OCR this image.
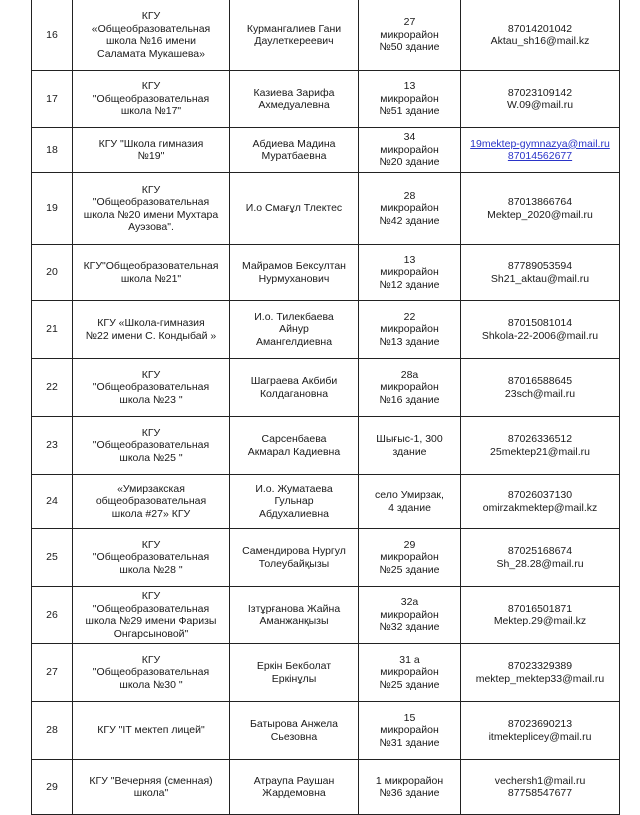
16	КГУ
«Общеобразовательная
школа №16 имени
Саламата Мукашева»	Курмангалиев Гани
Даулеткереевич	27
микрорайон
№50 здание	87014201042
Aktau_sh16@mail.kz

17	КГУ
"Общеобразовательная
школа №17"	Казиева Зарифа
Ахмедуалевна	13
микрорайон
№51 здание	87023109142
W.09@mail.ru

18	КГУ "Школа гимназия
№19"	Абдиева Мадина
Муратбаевна	34
микрорайон
№20 здание	19mektep-gymnazya@mail.ru
87014562677

19	КГУ
"Общеобразовательная
школа №20 имени Мухтара
Ауэзова".	И.о Смағұл Тлектес	28
микрорайон
№42 здание	87013866764
Mektep_2020@mail.ru

20	КГУ"Общеобразовательная
школа №21"	Майрамов Бексултан
Нурмуханович	13
микрорайон
№12 здание	87789053594
Sh21_aktau@mail.ru

21	КГУ «Школа-гимназия
№22 имени С. Кондыбай »	И.о. Тилекбаева
Айнур
Амангелдиевна	22
микрорайон
№13 здание	87015081014
Shkola-22-2006@mail.ru

22	КГУ
"Общеобразовательная
школа №23 "	Шаграева Акбиби
Колдагановна	28а
микрорайон
№16 здание	87016588645
23sch@mail.ru

23	КГУ
"Общеобразовательная
школа №25 "	Сарсенбаева
Акмарал Кадиевна	Шығыс-1, 300
здание	87026336512
25mektep21@mail.ru

24	«Умирзакская
общеобразовательная
школа #27» КГУ	И.о. Жуматаева
Гульнар
Абдухалиевна	село Умирзак,
4 здание	87026037130
omirzakmektep@mail.kz

25	КГУ
"Общеобразовательная
школа №28 "	Самендирова Нургул
Толеубайқызы	29
микрорайон
№25 здание	87025168674
Sh_28.28@mail.ru

26	КГУ
"Общеобразовательная
школа №29 имени Фаризы
Онгарсыновой"	Ізтұрғанова Жайна
Аманжанқызы	32а
микрорайон
№32 здание	87016501871
Mektep.29@mail.kz

27	КГУ
"Общеобразовательная
школа №30 "	Еркін Бекболат
Еркінұлы	31 а
микрорайон
№25 здание	87023329389
mektep_mektep33@mail.ru

28	КГУ "IT мектеп лицей"	Батырова Анжела
Сьезовна	15
микрорайон
№31 здание	87023690213
itmekteplicey@mail.ru

29	КГУ "Вечерняя (сменная)
школа"	Атраупа Раушан
Жардемовна	1 микрорайон
№36 здание	vechersh1@mail.ru
87758547677
